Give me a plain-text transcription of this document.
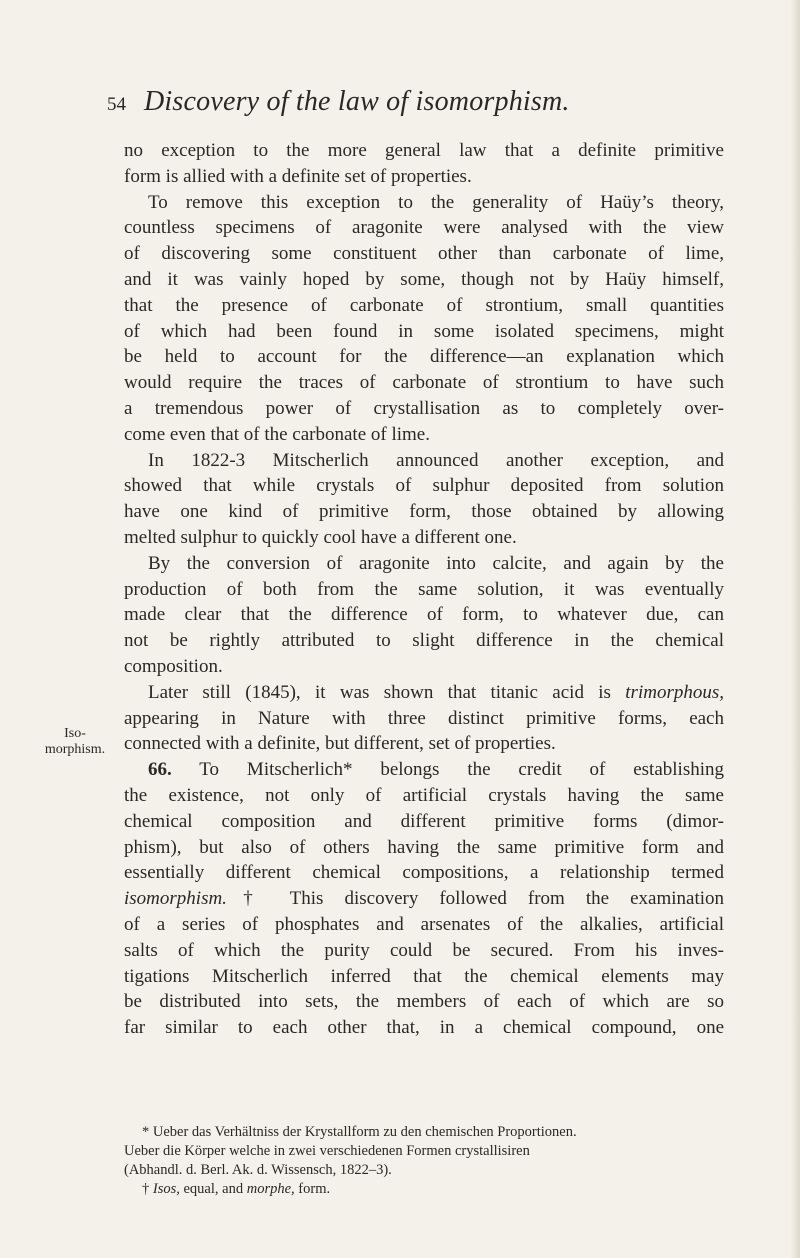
54 Discovery of the law of isomorphism.
Iso-
morphism.
no exception to the more general law that a definite primitive
form is allied with a definite set of properties.
To remove this exception to the generality of Haüy’s theory,
countless specimens of aragonite were analysed with the view
of discovering some constituent other than carbonate of lime,
and it was vainly hoped by some, though not by Haüy himself,
that the presence of carbonate of strontium, small quantities
of which had been found in some isolated specimens, might
be held to account for the difference—an explanation which
would require the traces of carbonate of strontium to have such
a tremendous power of crystallisation as to completely over-
come even that of the carbonate of lime.
In 1822-3 Mitscherlich announced another exception, and
showed that while crystals of sulphur deposited from solution
have one kind of primitive form, those obtained by allowing
melted sulphur to quickly cool have a different one.
By the conversion of aragonite into calcite, and again by the
production of both from the same solution, it was eventually
made clear that the difference of form, to whatever due, can
not be rightly attributed to slight difference in the chemical
composition.
Later still (1845), it was shown that titanic acid is trimorphous,
appearing in Nature with three distinct primitive forms, each
connected with a definite, but different, set of properties.
66. To Mitscherlich* belongs the credit of establishing
the existence, not only of artificial crystals having the same
chemical composition and different primitive forms (dimor-
phism), but also of others having the same primitive form and
essentially different chemical compositions, a relationship termed
isomorphism.† This discovery followed from the examination
of a series of phosphates and arsenates of the alkalies, artificial
salts of which the purity could be secured. From his inves-
tigations Mitscherlich inferred that the chemical elements may
be distributed into sets, the members of each of which are so
far similar to each other that, in a chemical compound, one
* Ueber das Verhältniss der Krystallform zu den chemischen Proportionen.
Ueber die Körper welche in zwei verschiedenen Formen crystallisiren
(Abhandl. d. Berl. Ak. d. Wissensch, 1822–3).
† Isos, equal, and morphe, form.
